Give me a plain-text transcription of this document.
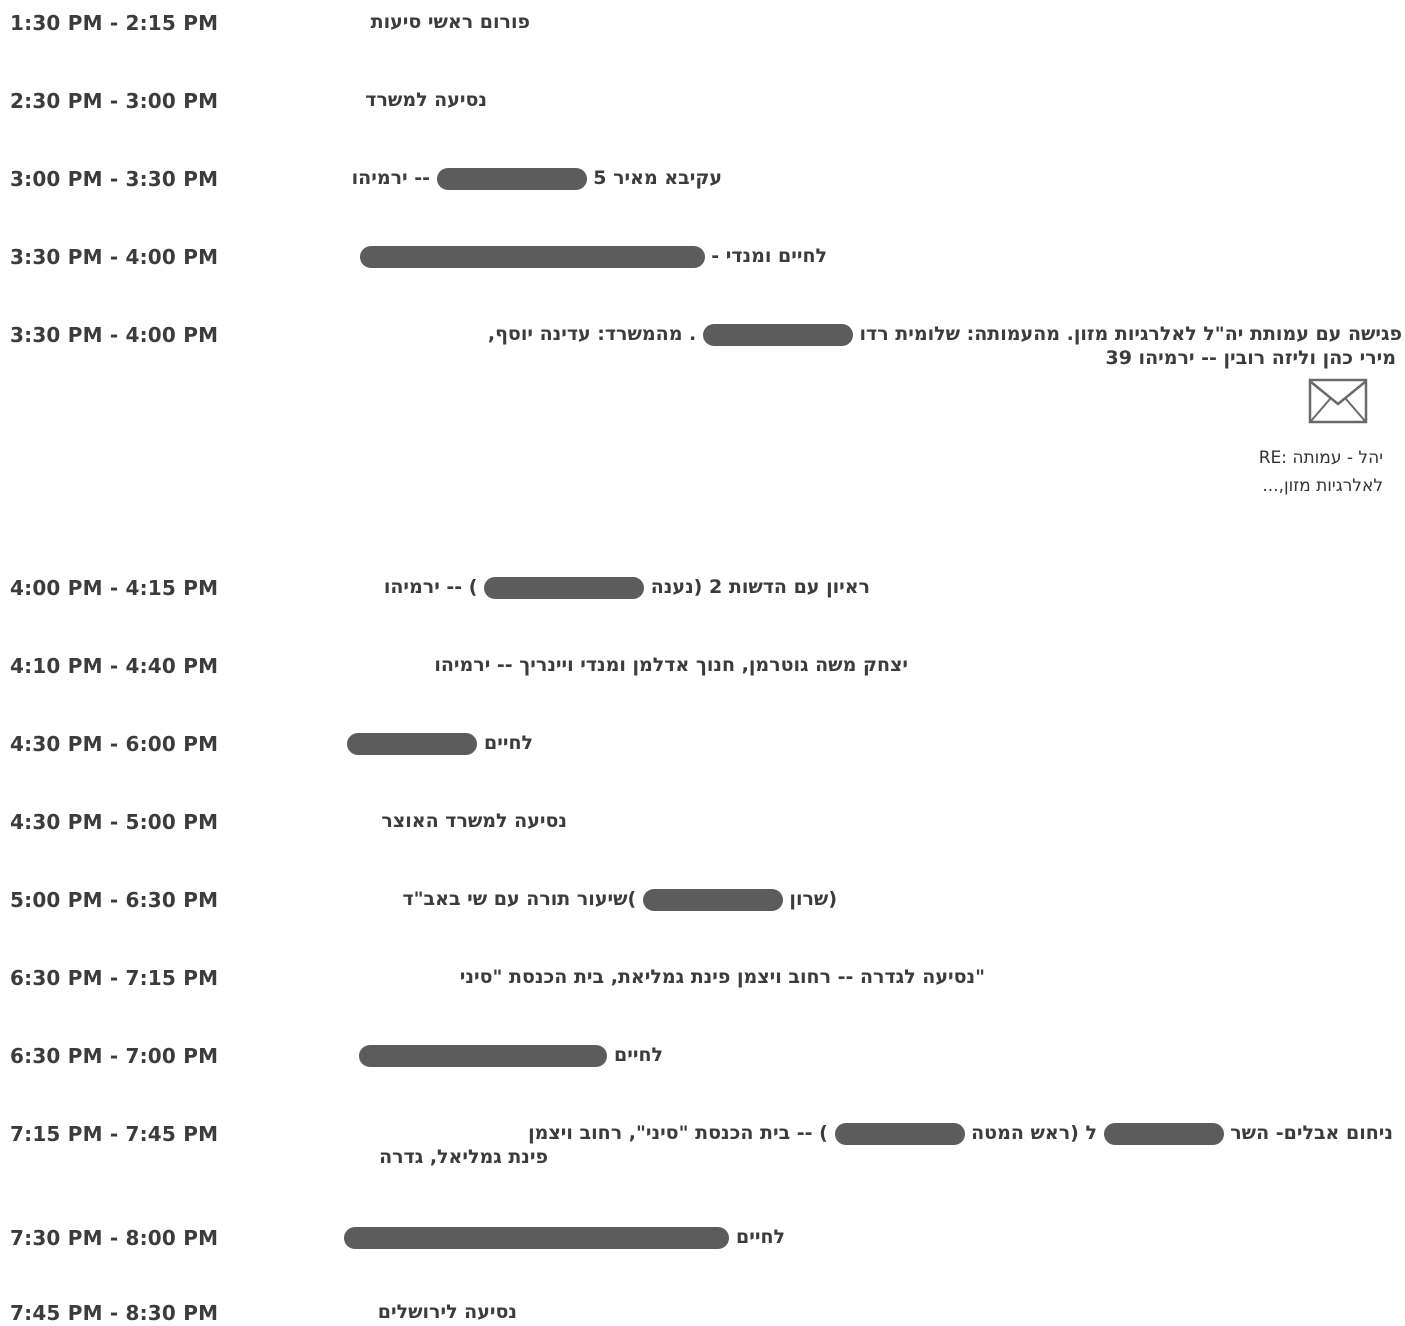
1:30 PM - 2:15 PM	פורום ראשי סיעות
2:30 PM - 3:00 PM	נסיעה למשרד
3:00 PM - 3:30 PM	עקיבא מאיר 5  -- ירמיהו
3:30 PM - 4:00 PM	לחיים ומנדי -
3:30 PM - 4:00 PM	פגישה עם עמותת יה"ל לאלרגיות מזון. מהעמותה: שלומית רדו  . מהמשרד: עדינה יוסף,
מירי כהן וליזה רובין -- ירמיהו 39
יהל - עמותה :RE
לאלרגיות מזון,...
4:00 PM - 4:15 PM	ראיון עם הדשות 2 (נענה  ) -- ירמיהו
4:10 PM - 4:40 PM	יצחק משה גוטרמן, חנוך אדלמן ומנדי ויינריך -- ירמיהו
4:30 PM - 6:00 PM	לחיים
4:30 PM - 5:00 PM	נסיעה למשרד האוצר
5:00 PM - 6:30 PM	(שרון  )שיעור תורה עם שי באב"ד
6:30 PM - 7:15 PM	"נסיעה לגדרה -- רחוב ויצמן פינת גמליאת, בית הכנסת "סיני
6:30 PM - 7:00 PM	לחיים
7:15 PM - 7:45 PM	ניחום אבלים- השר  ל (ראש המטה  ) -- בית הכנסת "סיני", רחוב ויצמן
פינת גמליאל, גדרה
7:30 PM - 8:00 PM	לחיים
7:45 PM - 8:30 PM	נסיעה לירושלים
